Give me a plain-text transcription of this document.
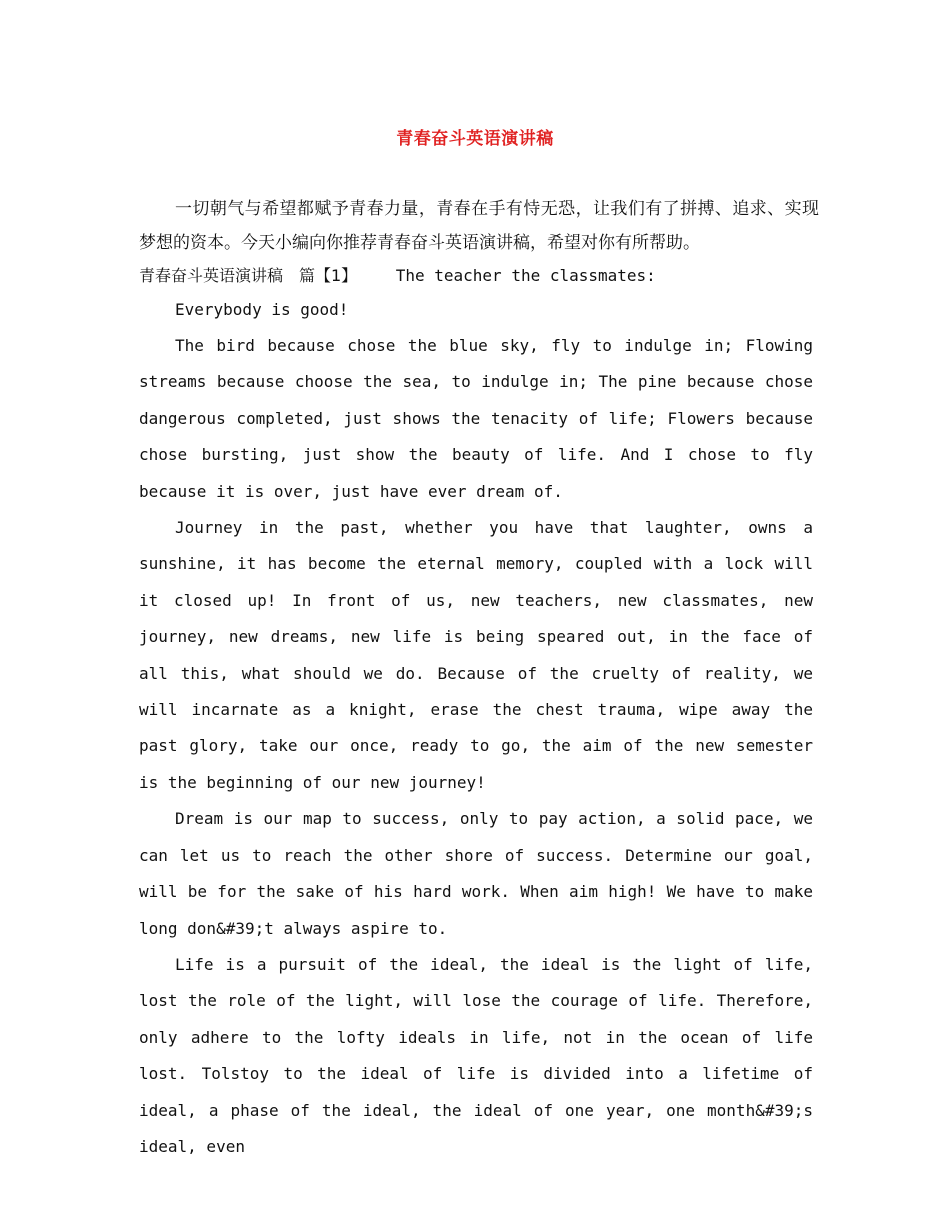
青春奋斗英语演讲稿

一切朝气与希望都赋予青春力量，青春在手有恃无恐，让我们有了拼搏、追求、实现梦想的资本。今天小编向你推荐青春奋斗英语演讲稿，希望对你有所帮助。

青春奋斗英语演讲稿　篇【1】 The teacher the classmates:

Everybody is good!

The bird because chose the blue sky, fly to indulge in; Flowing streams because choose the sea, to indulge in; The pine because chose dangerous completed, just shows the tenacity of life; Flowers because chose bursting, just show the beauty of life. And I chose to fly because it is over, just have ever dream of.

Journey in the past, whether you have that laughter, owns a sunshine, it has become the eternal memory, coupled with a lock will it closed up! In front of us, new teachers, new classmates, new journey, new dreams, new life is being speared out, in the face of all this, what should we do. Because of the cruelty of reality, we will incarnate as a knight, erase the chest trauma, wipe away the past glory, take our once, ready to go, the aim of the new semester is the beginning of our new journey!

Dream is our map to success, only to pay action, a solid pace, we can let us to reach the other shore of success. Determine our goal, will be for the sake of his hard work. When aim high! We have to make long don&#39;t always aspire to.

Life is a pursuit of the ideal, the ideal is the light of life, lost the role of the light, will lose the courage of life. Therefore, only adhere to the lofty ideals in life, not in the ocean of life lost. Tolstoy to the ideal of life is divided into a lifetime of ideal, a phase of the ideal, the ideal of one year, one month&#39;s ideal, even
